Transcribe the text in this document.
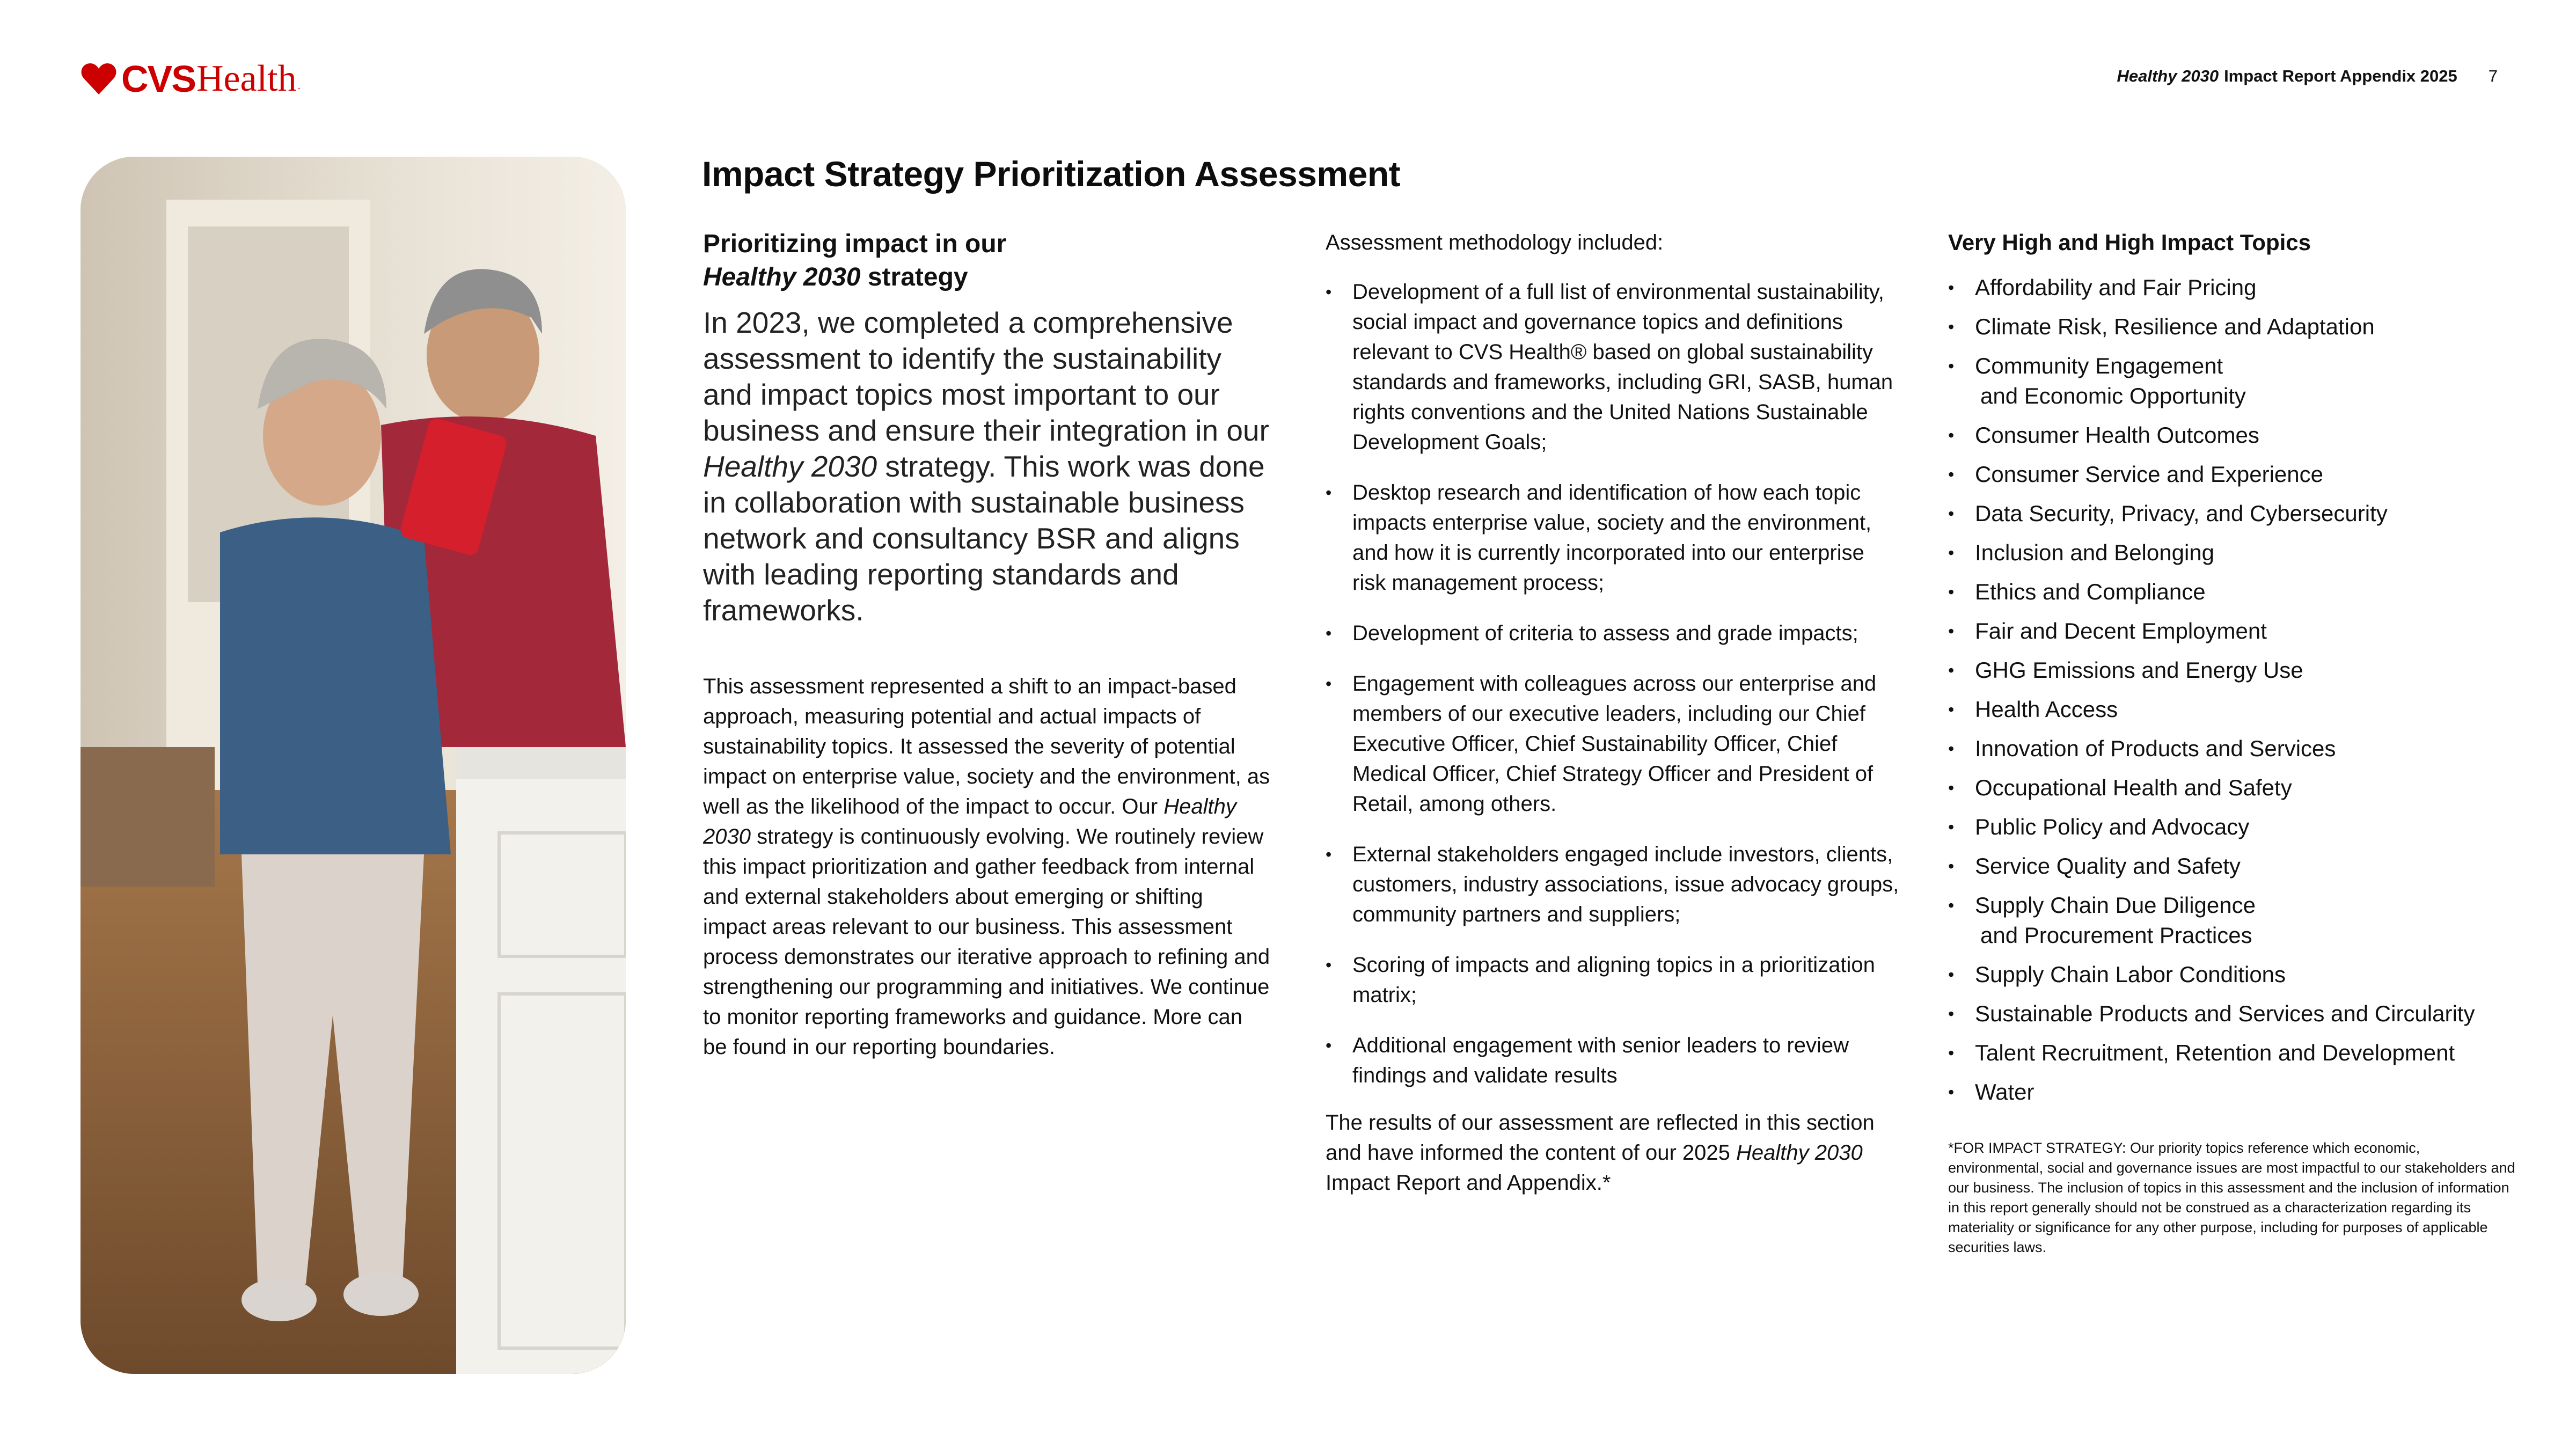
CVS Health .
Healthy 2030 Impact Report Appendix 2025 7
Impact Strategy Prioritization Assessment
Prioritizing impact in our
Healthy 2030 strategy

In 2023, we completed a comprehensive assessment to identify the sustainability and impact topics most important to our business and ensure their integration in our Healthy 2030 strategy. This work was done in collaboration with sustainable business network and consultancy BSR and aligns with leading reporting standards and frameworks.

This assessment represented a shift to an impact-based approach, measuring potential and actual impacts of sustainability topics. It assessed the severity of potential impact on enterprise value, society and the environment, as well as the likelihood of the impact to occur. Our Healthy 2030 strategy is continuously evolving. We routinely review this impact prioritization and gather feedback from internal and external stakeholders about emerging or shifting impact areas relevant to our business. This assessment process demonstrates our iterative approach to refining and strengthening our programming and initiatives. We continue to monitor reporting frameworks and guidance. More can be found in our reporting boundaries.

Assessment methodology included:

• Development of a full list of environmental sustainability, social impact and governance topics and definitions relevant to CVS Health® based on global sustainability standards and frameworks, including GRI, SASB, human rights conventions and the United Nations Sustainable Development Goals;
• Desktop research and identification of how each topic impacts enterprise value, society and the environment, and how it is currently incorporated into our enterprise risk management process;
• Development of criteria to assess and grade impacts;
• Engagement with colleagues across our enterprise and members of our executive leaders, including our Chief Executive Officer, Chief Sustainability Officer, Chief Medical Officer, Chief Strategy Officer and President of Retail, among others.
• External stakeholders engaged include investors, clients, customers, industry associations, issue advocacy groups, community partners and suppliers;
• Scoring of impacts and aligning topics in a prioritization matrix;
• Additional engagement with senior leaders to review findings and validate results

The results of our assessment are reflected in this section and have informed the content of our 2025 Healthy 2030 Impact Report and Appendix.*

Very High and High Impact Topics
• Affordability and Fair Pricing
• Climate Risk, Resilience and Adaptation
• Community Engagement
and Economic Opportunity
• Consumer Health Outcomes
• Consumer Service and Experience
• Data Security, Privacy, and Cybersecurity
• Inclusion and Belonging
• Ethics and Compliance
• Fair and Decent Employment
• GHG Emissions and Energy Use
• Health Access
• Innovation of Products and Services
• Occupational Health and Safety
• Public Policy and Advocacy
• Service Quality and Safety
• Supply Chain Due Diligence
and Procurement Practices
• Supply Chain Labor Conditions
• Sustainable Products and Services and Circularity
• Talent Recruitment, Retention and Development
• Water

*FOR IMPACT STRATEGY: Our priority topics reference which economic, environmental, social and governance issues are most impactful to our stakeholders and our business. The inclusion of topics in this assessment and the inclusion of information in this report generally should not be construed as a characterization regarding its materiality or significance for any other purpose, including for purposes of applicable securities laws.
